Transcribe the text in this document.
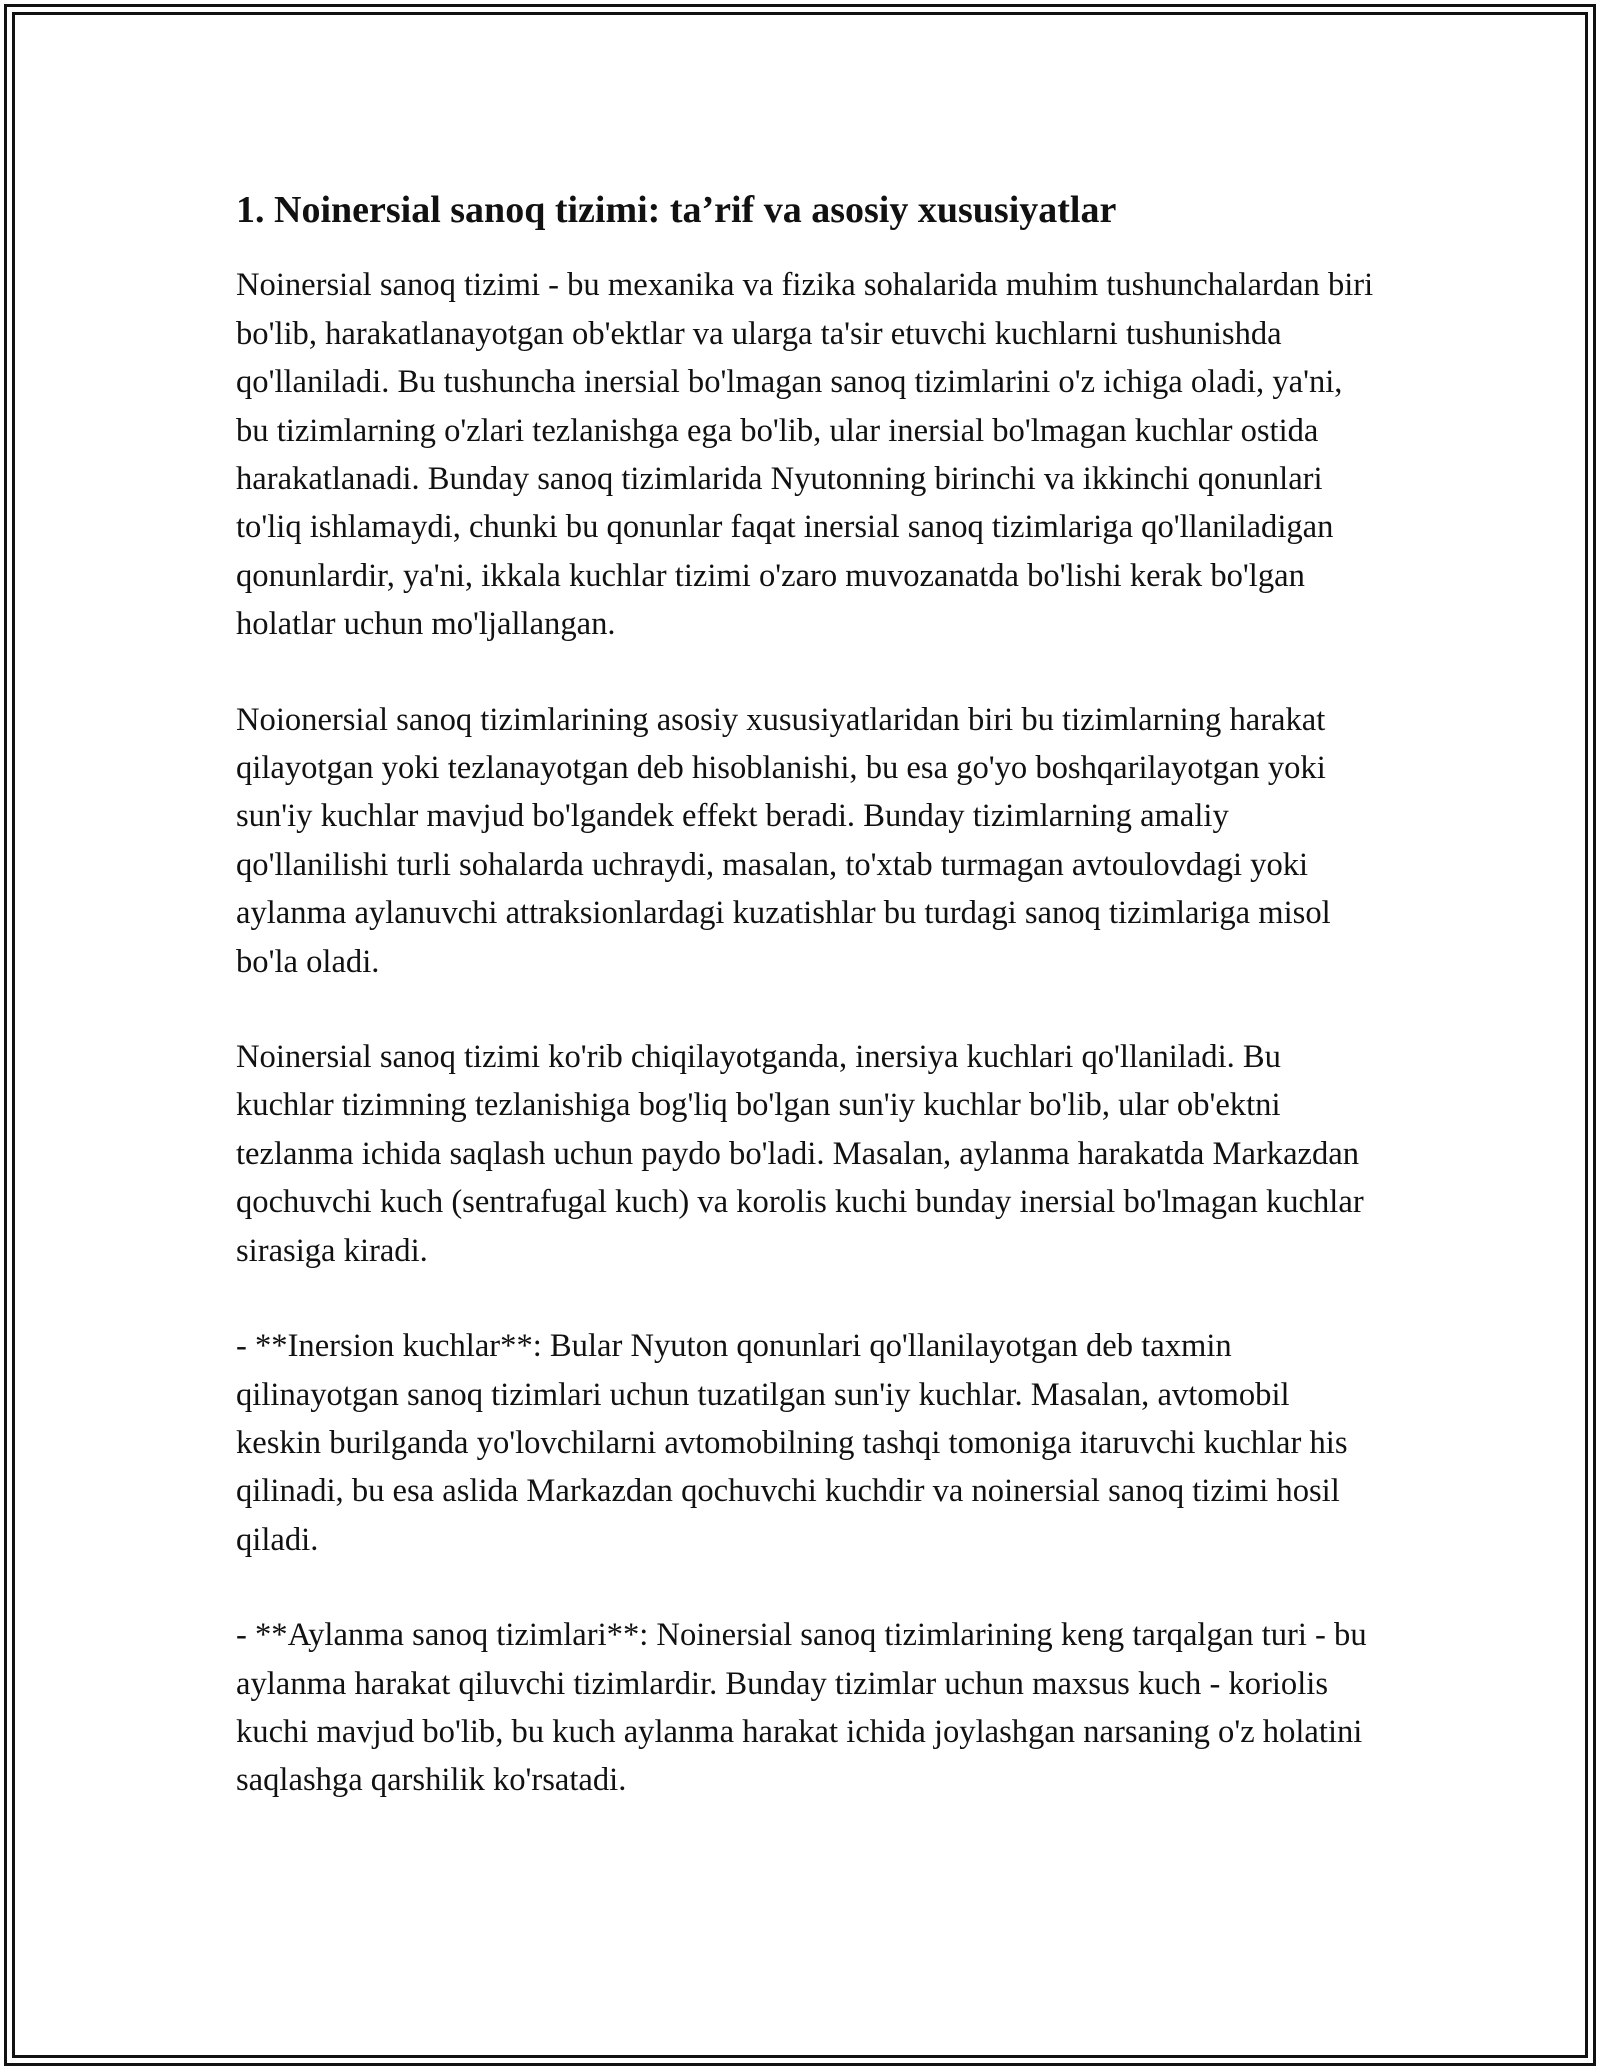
1. Noinersial sanoq tizimi: ta’rif va asosiy xususiyatlar

Noinersial sanoq tizimi - bu mexanika va fizika sohalarida muhim tushunchalardan biri bo'lib, harakatlanayotgan ob'ektlar va ularga ta'sir etuvchi kuchlarni tushunishda qo'llaniladi. Bu tushuncha inersial bo'lmagan sanoq tizimlarini o'z ichiga oladi, ya'ni, bu tizimlarning o'zlari tezlanishga ega bo'lib, ular inersial bo'lmagan kuchlar ostida harakatlanadi. Bunday sanoq tizimlarida Nyutonning birinchi va ikkinchi qonunlari to'liq ishlamaydi, chunki bu qonunlar faqat inersial sanoq tizimlariga qo'llaniladigan qonunlardir, ya'ni, ikkala kuchlar tizimi o'zaro muvozanatda bo'lishi kerak bo'lgan holatlar uchun mo'ljallangan.

Noionersial sanoq tizimlarining asosiy xususiyatlaridan biri bu tizimlarning harakat qilayotgan yoki tezlanayotgan deb hisoblanishi, bu esa go'yo boshqarilayotgan yoki sun'iy kuchlar mavjud bo'lgandek effekt beradi. Bunday tizimlarning amaliy qo'llanilishi turli sohalarda uchraydi, masalan, to'xtab turmagan avtoulovdagi yoki aylanma aylanuvchi attraksionlardagi kuzatishlar bu turdagi sanoq tizimlariga misol bo'la oladi.

Noinersial sanoq tizimi ko'rib chiqilayotganda, inersiya kuchlari qo'llaniladi. Bu kuchlar tizimning tezlanishiga bog'liq bo'lgan sun'iy kuchlar bo'lib, ular ob'ektni tezlanma ichida saqlash uchun paydo bo'ladi. Masalan, aylanma harakatda Markazdan qochuvchi kuch (sentrafugal kuch) va korolis kuchi bunday inersial bo'lmagan kuchlar sirasiga kiradi.

- **Inersion kuchlar**: Bular Nyuton qonunlari qo'llanilayotgan deb taxmin qilinayotgan sanoq tizimlari uchun tuzatilgan sun'iy kuchlar. Masalan, avtomobil keskin burilganda yo'lovchilarni avtomobilning tashqi tomoniga itaruvchi kuchlar his qilinadi, bu esa aslida Markazdan qochuvchi kuchdir va noinersial sanoq tizimi hosil qiladi.

- **Aylanma sanoq tizimlari**: Noinersial sanoq tizimlarining keng tarqalgan turi - bu aylanma harakat qiluvchi tizimlardir. Bunday tizimlar uchun maxsus kuch - koriolis kuchi mavjud bo'lib, bu kuch aylanma harakat ichida joylashgan narsaning o'z holatini saqlashga qarshilik ko'rsatadi.
